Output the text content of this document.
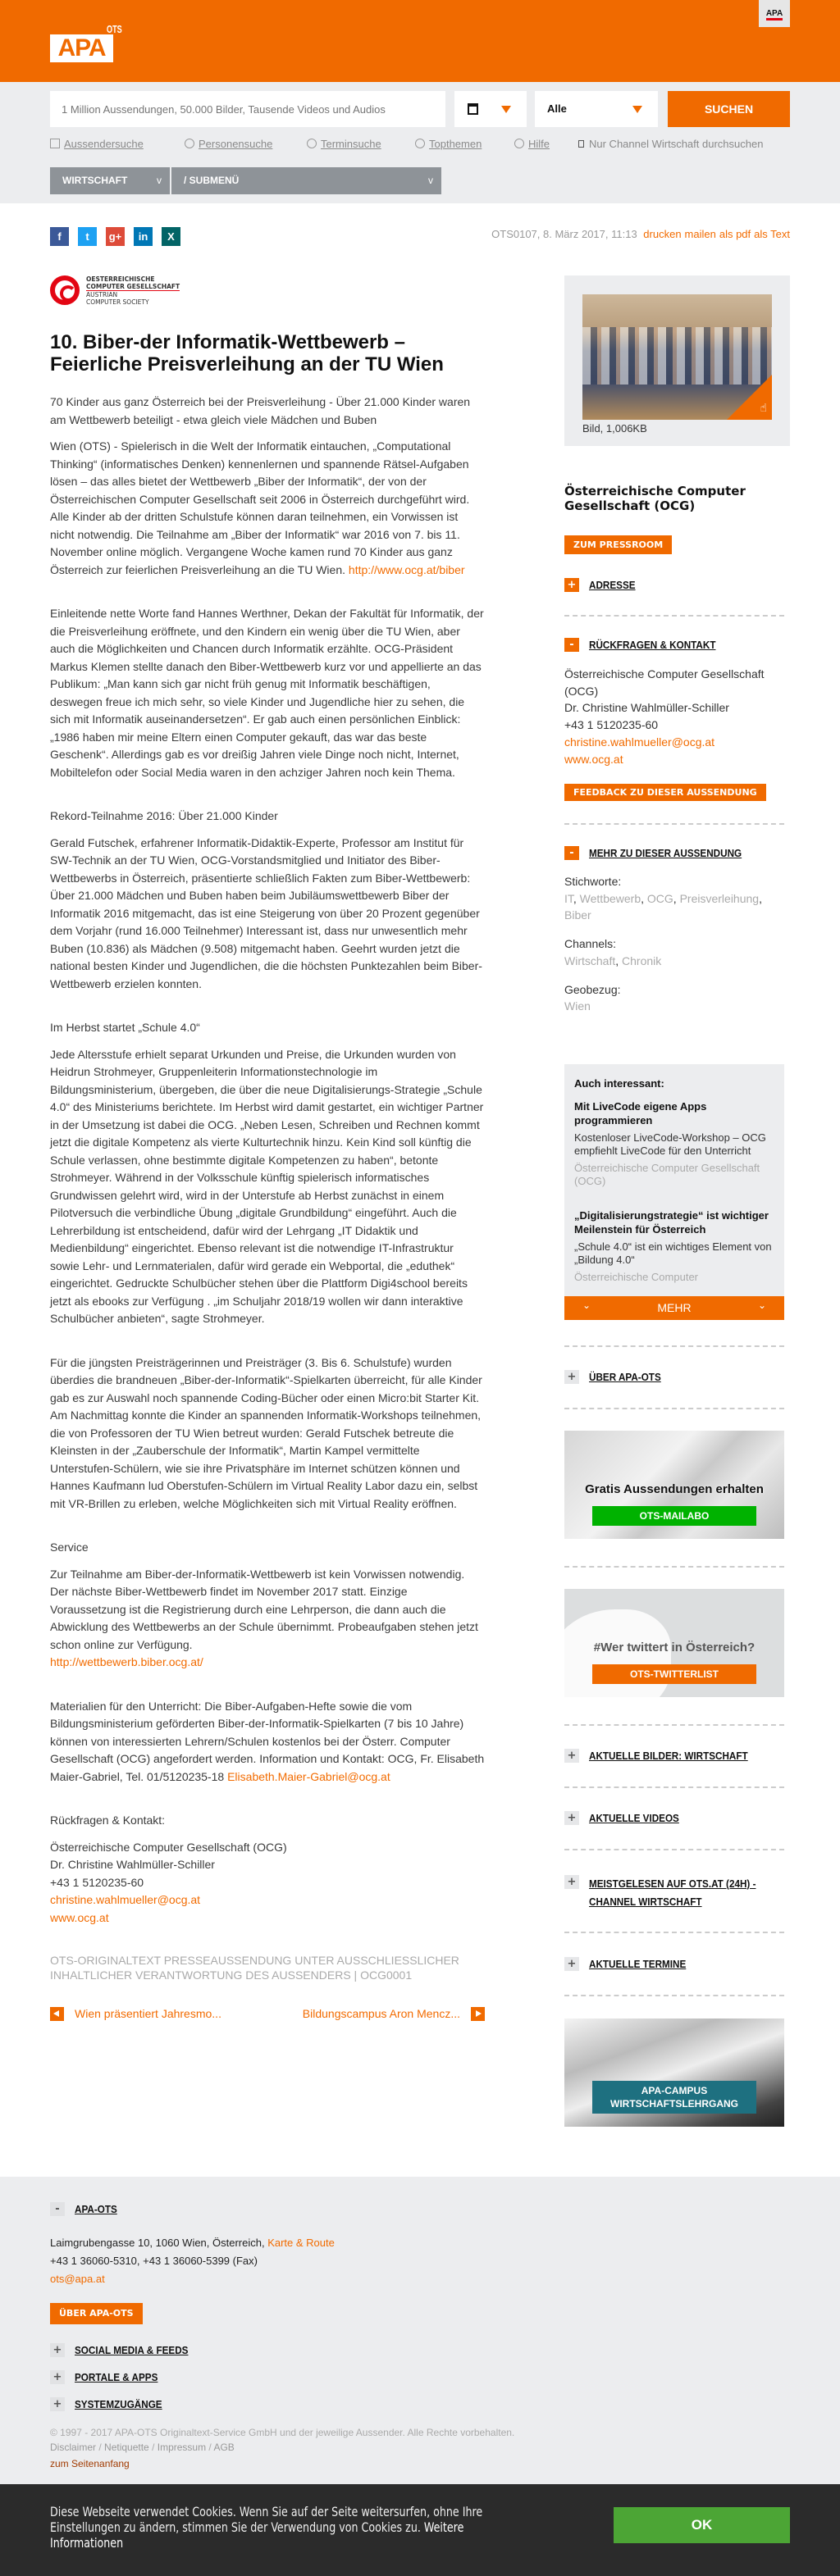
APA
OTS
APA
1 Million Aussendungen, 50.000 Bilder, Tausende Videos und Audios
Alle	SUCHEN
Aussendersuche	Personensuche	Terminsuche	Topthemen	Hilfe	Nur Channel Wirtschaft durchsuchen
WIRTSCHAFT	v	/ SUBMENÜ	v
f	t	g+	in	X	OTS0107, 8. März 2017, 11:13 drucken mailen als pdf als Text
OESTERREICHISCHE

COMPUTER GESELLSCHAFT
AUSTRIAN
COMPUTER SOCIETY
10. Biber-der Informatik-Wettbewerb – Feierliche Preisverleihung an der TU Wien

70 Kinder aus ganz Österreich bei der Preisverleihung - Über 21.000 Kinder waren am Wettbewerb beteiligt - etwa gleich viele Mädchen und Buben

Wien (OTS) - Spielerisch in die Welt der Informatik eintauchen, „Computational Thinking“ (informatisches Denken) kennenlernen und spannende Rätsel-Aufgaben lösen – das alles bietet der Wettbewerb „Biber der Informatik“, der von der Österreichischen Computer Gesellschaft seit 2006 in Österreich durchgeführt wird. Alle Kinder ab der dritten Schulstufe können daran teilnehmen, ein Vorwissen ist nicht notwendig. Die Teilnahme am „Biber der Informatik“ war 2016 von 7. bis 11. November online möglich. Vergangene Woche kamen rund 70 Kinder aus ganz Österreich zur feierlichen Preisverleihung an die TU Wien. http://www.ocg.at/biber

Einleitende nette Worte fand Hannes Werthner, Dekan der Fakultät für Informatik, der die Preisverleihung eröffnete, und den Kindern ein wenig über die TU Wien, aber auch die Möglichkeiten und Chancen durch Informatik erzählte. OCG-Präsident Markus Klemen stellte danach den Biber-Wettbewerb kurz vor und appellierte an das Publikum: „Man kann sich gar nicht früh genug mit Informatik beschäftigen, deswegen freue ich mich sehr, so viele Kinder und Jugendliche hier zu sehen, die sich mit Informatik auseinandersetzen“. Er gab auch einen persönlichen Einblick: „1986 haben mir meine Eltern einen Computer gekauft, das war das beste Geschenk“. Allerdings gab es vor dreißig Jahren viele Dinge noch nicht, Internet, Mobiltelefon oder Social Media waren in den achziger Jahren noch kein Thema.

Rekord-Teilnahme 2016: Über 21.000 Kinder

Gerald Futschek, erfahrener Informatik-Didaktik-Experte, Professor am Institut für SW-Technik an der TU Wien, OCG-Vorstandsmitglied und Initiator des Biber-Wettbewerbs in Österreich, präsentierte schließlich Fakten zum Biber-Wettbewerb: Über 21.000 Mädchen und Buben haben beim Jubiläumswettbewerb Biber der Informatik 2016 mitgemacht, das ist eine Steigerung von über 20 Prozent gegenüber dem Vorjahr (rund 16.000 Teilnehmer) Interessant ist, dass nur unwesentlich mehr Buben (10.836) als Mädchen (9.508) mitgemacht haben. Geehrt wurden jetzt die national besten Kinder und Jugendlichen, die die höchsten Punktezahlen beim Biber-Wettbewerb erzielen konnten.

Im Herbst startet „Schule 4.0“

Jede Altersstufe erhielt separat Urkunden und Preise, die Urkunden wurden von Heidrun Strohmeyer, Gruppenleiterin Informationstechnologie im Bildungsministerium, übergeben, die über die neue Digitalisierungs-Strategie „Schule 4.0“ des Ministeriums berichtete. Im Herbst wird damit gestartet, ein wichtiger Partner in der Umsetzung ist dabei die OCG. „Neben Lesen, Schreiben und Rechnen kommt jetzt die digitale Kompetenz als vierte Kulturtechnik hinzu. Kein Kind soll künftig die Schule verlassen, ohne bestimmte digitale Kompetenzen zu haben“, betonte Strohmeyer. Während in der Volksschule künftig spielerisch informatisches Grundwissen gelehrt wird, wird in der Unterstufe ab Herbst zunächst in einem Pilotversuch die verbindliche Übung „digitale Grundbildung“ eingeführt. Auch die Lehrerbildung ist entscheidend, dafür wird der Lehrgang „IT Didaktik und Medienbildung“ eingerichtet. Ebenso relevant ist die notwendige IT-Infrastruktur sowie Lehr- und Lernmaterialen, dafür wird gerade ein Webportal, die „eduthek“ eingerichtet. Gedruckte Schulbücher stehen über die Plattform Digi4school bereits jetzt als ebooks zur Verfügung . „im Schuljahr 2018/19 wollen wir dann interaktive Schulbücher anbieten“, sagte Strohmeyer.

Für die jüngsten Preisträgerinnen und Preisträger (3. Bis 6. Schulstufe) wurden überdies die brandneuen „Biber-der-Informatik“-Spielkarten überreicht, für alle Kinder gab es zur Auswahl noch spannende Coding-Bücher oder einen Micro:bit Starter Kit. Am Nachmittag konnte die Kinder an spannenden Informatik-Workshops teilnehmen, die von Professoren der TU Wien betreut wurden: Gerald Futschek betreute die Kleinsten in der „Zauberschule der Informatik“, Martin Kampel vermittelte Unterstufen-Schülern, wie sie ihre Privatsphäre im Internet schützen können und Hannes Kaufmann lud Oberstufen-Schülern im Virtual Reality Labor dazu ein, selbst mit VR-Brillen zu erleben, welche Möglichkeiten sich mit Virtual Reality eröffnen.

Service

Zur Teilnahme am Biber-der-Informatik-Wettbewerb ist kein Vorwissen notwendig. Der nächste Biber-Wettbewerb findet im November 2017 statt. Einzige Voraussetzung ist die Registrierung durch eine Lehrperson, die dann auch die Abwicklung des Wettbewerbs an der Schule übernimmt. Probeaufgaben stehen jetzt schon online zur Verfügung.
http://wettbewerb.biber.ocg.at/

Materialien für den Unterricht: Die Biber-Aufgaben-Hefte sowie die vom Bildungsministerium geförderten Biber-der-Informatik-Spielkarten (7 bis 10 Jahre) können von interessierten Lehrern/Schulen kostenlos bei der Österr. Computer Gesellschaft (OCG) angefordert werden. Information und Kontakt: OCG, Fr. Elisabeth Maier-Gabriel, Tel. 01/5120235-18 Elisabeth.Maier-Gabriel@ocg.at

Rückfragen & Kontakt:

Österreichische Computer Gesellschaft (OCG)
Dr. Christine Wahlmüller-Schiller
+43 1 5120235-60
christine.wahlmueller@ocg.at
www.ocg.at
OTS-ORIGINALTEXT PRESSEAUSSENDUNG UNTER AUSSCHLIESSLICHER INHALTLICHER VERANTWORTUNG DES AUSSENDERS | OCG0001
Wien präsentiert Jahresmo...	Bildungscampus Aron Mencz...
☝
Bild, 1,006KB
Österreichische Computer Gesellschaft (OCG)
ZUM PRESSROOM
+ ADRESSE
-	RÜCKFRAGEN & KONTAKT
Österreichische Computer Gesellschaft (OCG)
Dr. Christine Wahlmüller-Schiller
+43 1 5120235-60
christine.wahlmueller@ocg.at
www.ocg.at
FEEDBACK ZU DIESER AUSSENDUNG
-	MEHR ZU DIESER AUSSENDUNG
Stichworte:
IT, Wettbewerb, OCG, Preisverleihung,
Biber
Channels:
Wirtschaft, Chronik
Geobezug:
Wien
Auch interessant:
Mit LiveCode eigene Apps programmieren
Kostenloser LiveCode-Workshop – OCG empfiehlt LiveCode für den Unterricht
Österreichische Computer Gesellschaft (OCG)
„Digitalisierungstrategie“ ist wichtiger Meilenstein für Österreich
„Schule 4.0“ ist ein wichtiges Element von „Bildung 4.0“
Österreichische Computer
⌄	MEHR	⌄
+ ÜBER APA-OTS
Gratis Aussendungen erhalten
OTS-MAILABO
#Wer twittert in Österreich?
OTS-TWITTERLIST
+ AKTUELLE BILDER: WIRTSCHAFT
+ AKTUELLE VIDEOS
+ MEISTGELESEN AUF OTS.AT (24H) - CHANNEL WIRTSCHAFT
+ AKTUELLE TERMINE
APA-CAMPUS
WIRTSCHAFTSLEHRGANG
-	APA-OTS
Laimgrubengasse 10, 1060 Wien, Österreich, Karte & Route
+43 1 36060-5310, +43 1 36060-5399 (Fax)
ots@apa.at
ÜBER APA-OTS
+ SOCIAL MEDIA & FEEDS
+ PORTALE & APPS
+ SYSTEMZUGÄNGE
© 1997 - 2017 APA-OTS Originaltext-Service GmbH und der jeweilige Aussender. Alle Rechte vorbehalten.
Disclaimer / Netiquette / Impressum / AGB
zum Seitenanfang
Diese Webseite verwendet Cookies. Wenn Sie auf der Seite weitersurfen, ohne Ihre Einstellungen zu ändern, stimmen Sie der Verwendung von Cookies zu. Weitere Informationen
OK
